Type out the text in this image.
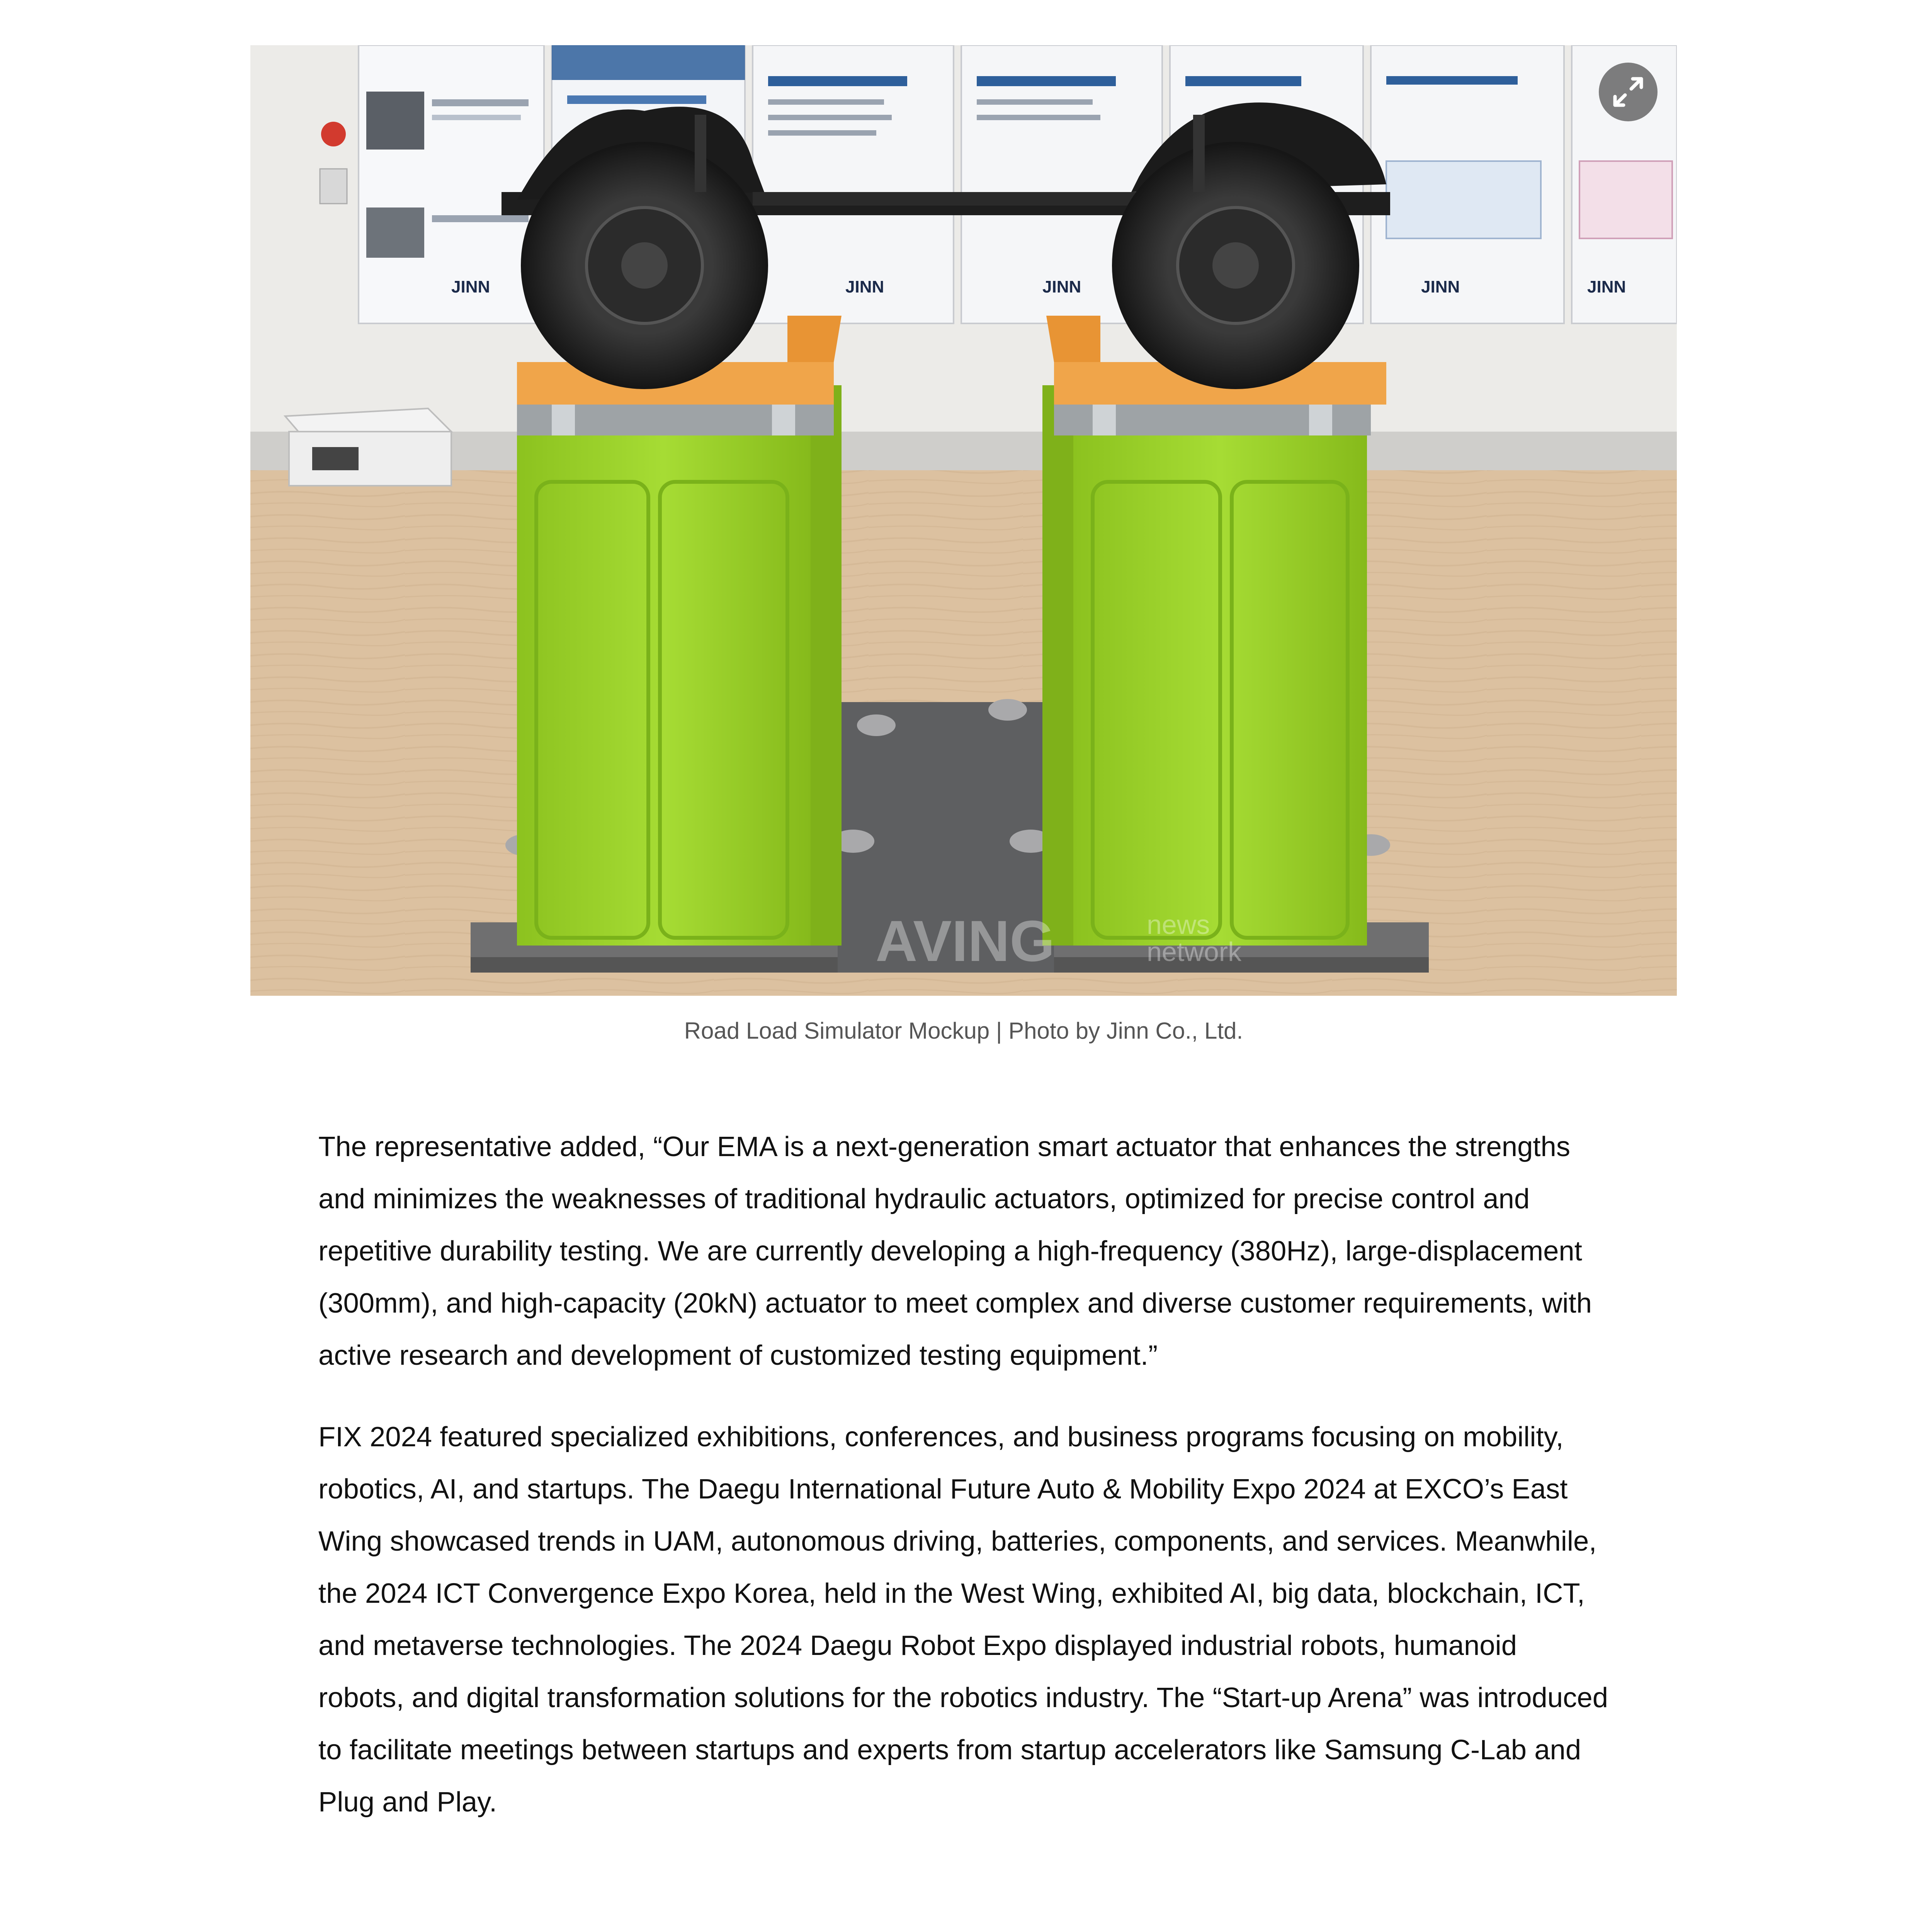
JINN	JINN	JINN	JINN	JINN
AVING	news
network
Road Load Simulator Mockup | Photo by Jinn Co., Ltd.

The representative added, “Our EMA is a next-generation smart actuator that enhances the strengths and minimizes the weaknesses of traditional hydraulic actuators, optimized for precise control and repetitive durability testing. We are currently developing a high-frequency (380Hz), large-displacement (300mm), and high-capacity (20kN) actuator to meet complex and diverse customer requirements, with active research and development of customized testing equipment.”

FIX 2024 featured specialized exhibitions, conferences, and business programs focusing on mobility, robotics, AI, and startups. The Daegu International Future Auto & Mobility Expo 2024 at EXCO’s East Wing showcased trends in UAM, autonomous driving, batteries, components, and services. Meanwhile, the 2024 ICT Convergence Expo Korea, held in the West Wing, exhibited AI, big data, blockchain, ICT, and metaverse technologies. The 2024 Daegu Robot Expo displayed industrial robots, humanoid robots, and digital transformation solutions for the robotics industry. The “Start-up Arena” was introduced to facilitate meetings between startups and experts from startup accelerators like Samsung C-Lab and Plug and Play.
